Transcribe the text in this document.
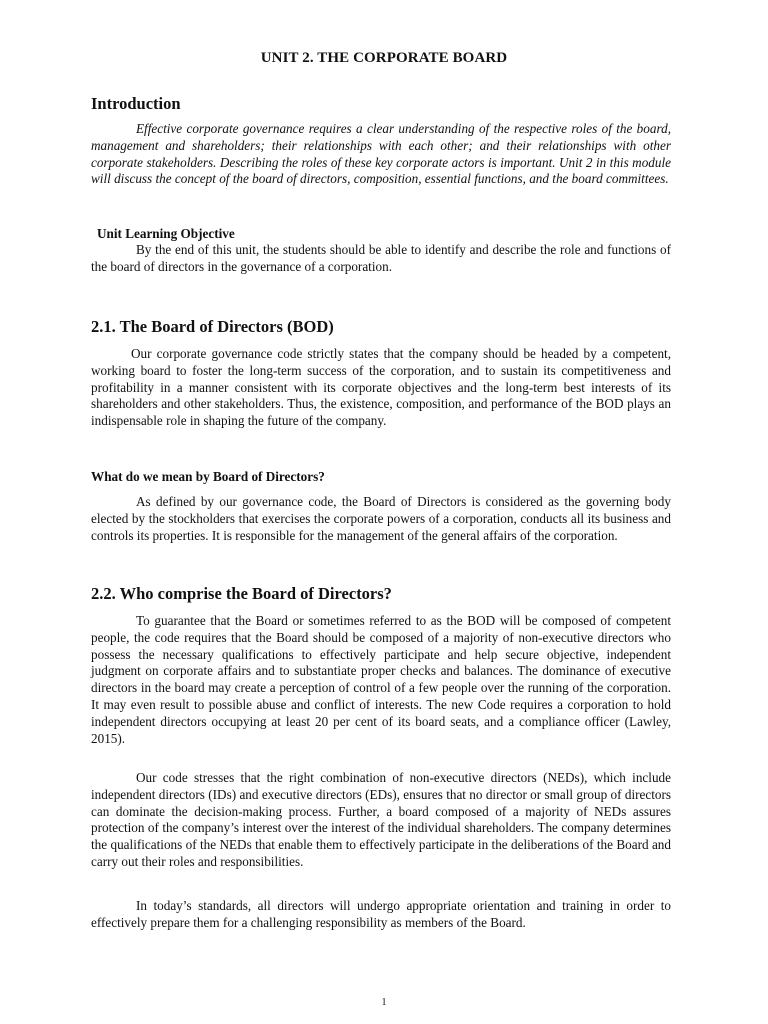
UNIT 2. THE CORPORATE BOARD
Introduction

Effective corporate governance requires a clear understanding of the respective roles of the board, management and shareholders; their relationships with each other; and their relationships with other corporate stakeholders. Describing the roles of these key corporate actors is important. Unit 2 in this module will discuss the concept of the board of directors, composition, essential functions, and the board committees.

Unit Learning Objective

By the end of this unit, the students should be able to identify and describe the role and functions of the board of directors in the governance of a corporation.

2.1. The Board of Directors (BOD)

Our corporate governance code strictly states that the company should be headed by a competent, working board to foster the long-term success of the corporation, and to sustain its competitiveness and profitability in a manner consistent with its corporate objectives and the long-term best interests of its shareholders and other stakeholders. Thus, the existence, composition, and performance of the BOD plays an indispensable role in shaping the future of the company.

What do we mean by Board of Directors?

As defined by our governance code, the Board of Directors is considered as the governing body elected by the stockholders that exercises the corporate powers of a corporation, conducts all its business and controls its properties. It is responsible for the management of the general affairs of the corporation.

2.2. Who comprise the Board of Directors?

To guarantee that the Board or sometimes referred to as the BOD will be composed of competent people, the code requires that the Board should be composed of a majority of non-executive directors who possess the necessary qualifications to effectively participate and help secure objective, independent judgment on corporate affairs and to substantiate proper checks and balances. The dominance of executive directors in the board may create a perception of control of a few people over the running of the corporation. It may even result to possible abuse and conflict of interests. The new Code requires a corporation to hold independent directors occupying at least 20 per cent of its board seats, and a compliance officer (Lawley, 2015).

Our code stresses that the right combination of non-executive directors (NEDs), which include independent directors (IDs) and executive directors (EDs), ensures that no director or small group of directors can dominate the decision-making process. Further, a board composed of a majority of NEDs assures protection of the company’s interest over the interest of the individual shareholders. The company determines the qualifications of the NEDs that enable them to effectively participate in the deliberations of the Board and carry out their roles and responsibilities.

In today’s standards, all directors will undergo appropriate orientation and training in order to effectively prepare them for a challenging responsibility as members of the Board.

1
